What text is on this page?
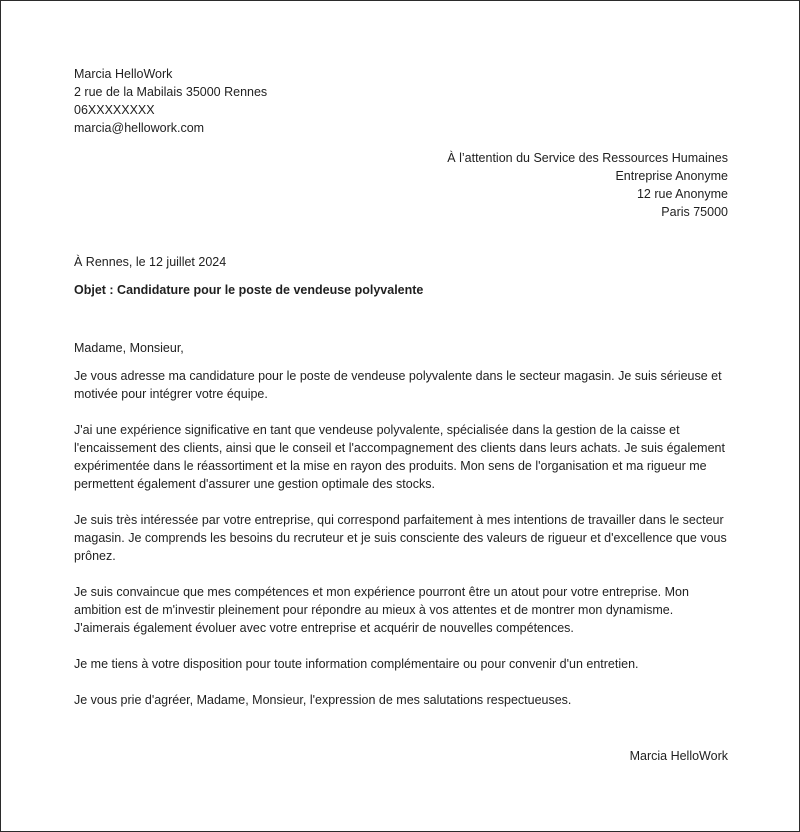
Marcia HelloWork
2 rue de la Mabilais 35000 Rennes
06XXXXXXXX
marcia@hellowork.com
À l’attention du Service des Ressources Humaines
Entreprise Anonyme
12 rue Anonyme
Paris 75000
À Rennes, le 12 juillet 2024
Objet : Candidature pour le poste de vendeuse polyvalente
Madame, Monsieur,
Je vous adresse ma candidature pour le poste de vendeuse polyvalente dans le secteur magasin. Je suis sérieuse et motivée pour intégrer votre équipe.
J'ai une expérience significative en tant que vendeuse polyvalente, spécialisée dans la gestion de la caisse et l'encaissement des clients, ainsi que le conseil et l'accompagnement des clients dans leurs achats. Je suis également expérimentée dans le réassortiment et la mise en rayon des produits. Mon sens de l'organisation et ma rigueur me permettent également d'assurer une gestion optimale des stocks.
Je suis très intéressée par votre entreprise, qui correspond parfaitement à mes intentions de travailler dans le secteur magasin. Je comprends les besoins du recruteur et je suis consciente des valeurs de rigueur et d'excellence que vous prônez.
Je suis convaincue que mes compétences et mon expérience pourront être un atout pour votre entreprise. Mon ambition est de m'investir pleinement pour répondre au mieux à vos attentes et de montrer mon dynamisme. J'aimerais également évoluer avec votre entreprise et acquérir de nouvelles compétences.
Je me tiens à votre disposition pour toute information complémentaire ou pour convenir d'un entretien.
Je vous prie d'agréer, Madame, Monsieur, l'expression de mes salutations respectueuses.
Marcia HelloWork
